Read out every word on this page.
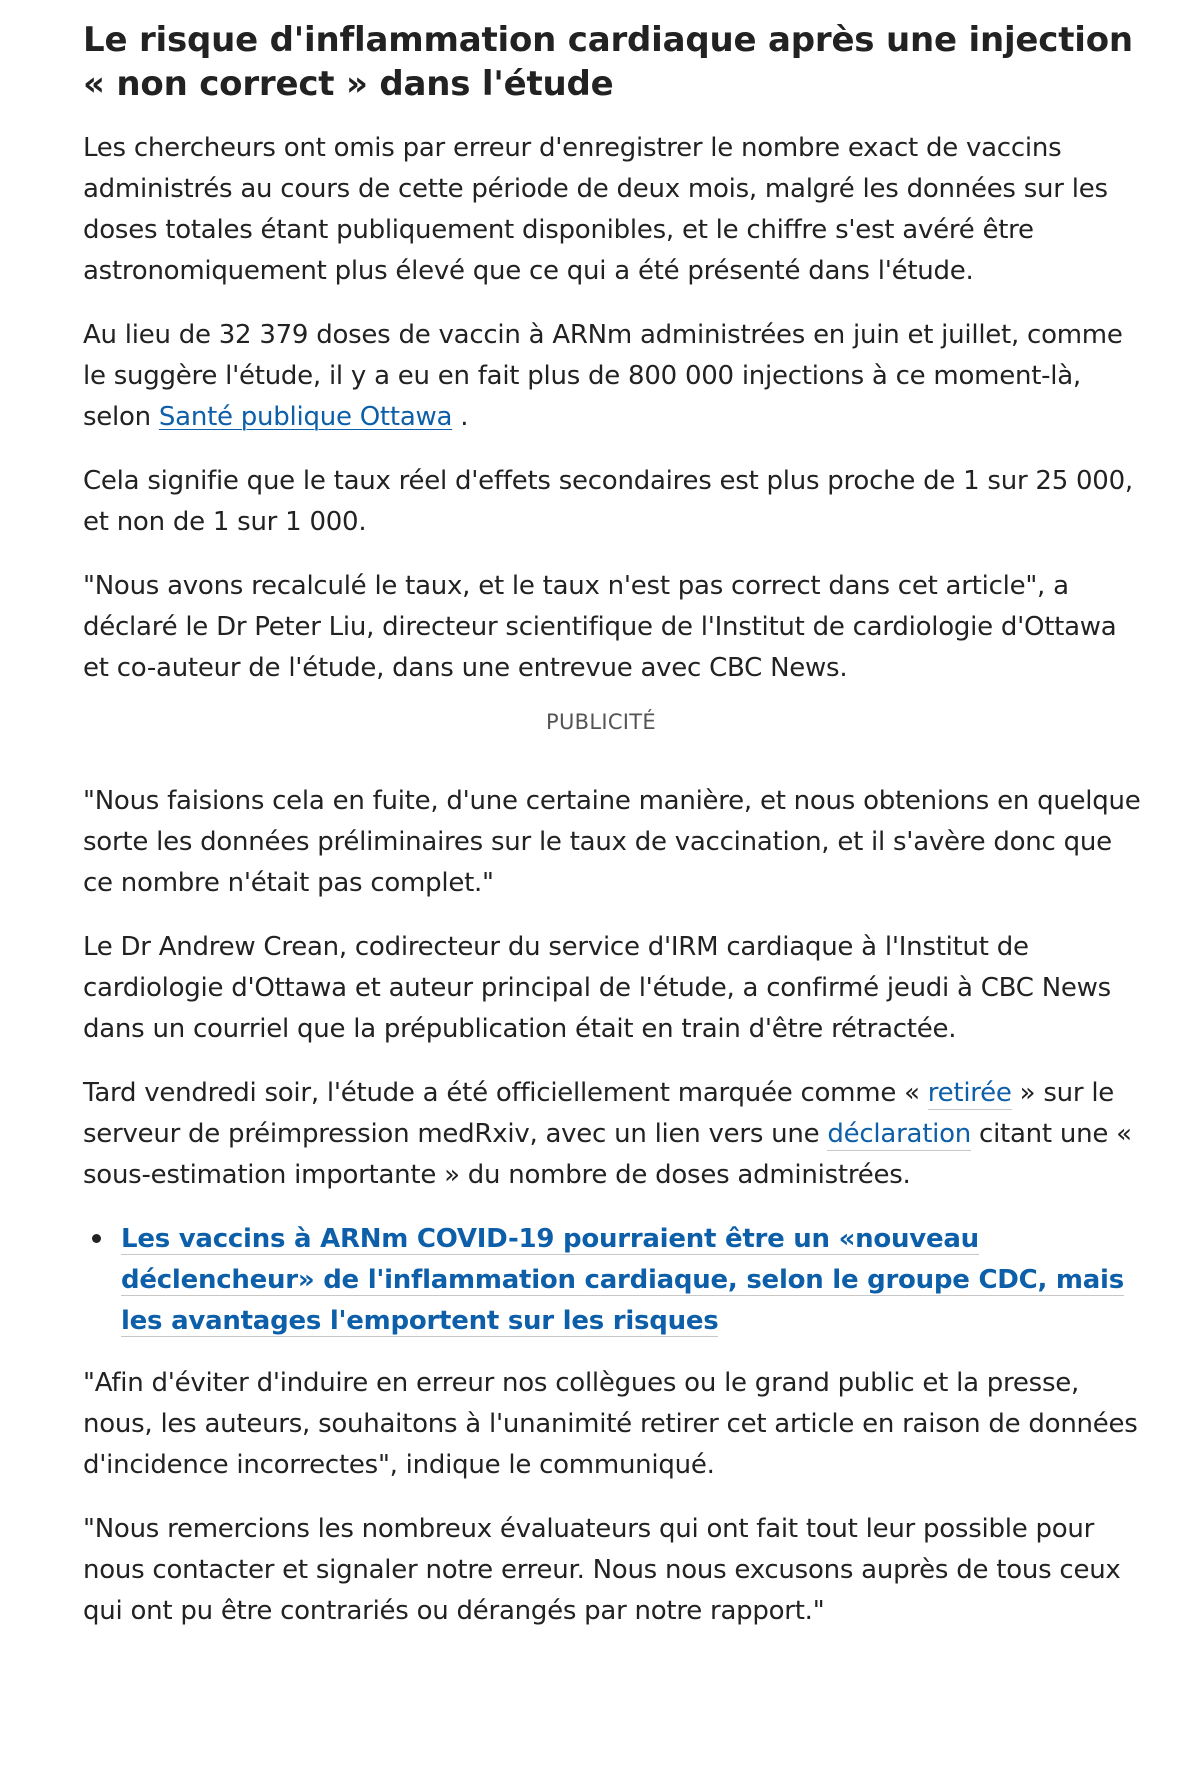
Le risque d'inflammation cardiaque après une injection « non correct » dans l'étude

Les chercheurs ont omis par erreur d'enregistrer le nombre exact de vaccins administrés au cours de cette période de deux mois, malgré les données sur les doses totales étant publiquement disponibles, et le chiffre s'est avéré être astronomiquement plus élevé que ce qui a été présenté dans l'étude.

Au lieu de 32 379 doses de vaccin à ARNm administrées en juin et juillet, comme le suggère l'étude, il y a eu en fait plus de 800 000 injections à ce moment-là, selon Santé publique Ottawa .

Cela signifie que le taux réel d'effets secondaires est plus proche de 1 sur 25 000, et non de 1 sur 1 000.

"Nous avons recalculé le taux, et le taux n'est pas correct dans cet article", a déclaré le Dr Peter Liu, directeur scientifique de l'Institut de cardiologie d'Ottawa et co-auteur de l'étude, dans une entrevue avec CBC News.

PUBLICITÉ

"Nous faisions cela en fuite, d'une certaine manière, et nous obtenions en quelque sorte les données préliminaires sur le taux de vaccination, et il s'avère donc que ce nombre n'était pas complet."

Le Dr Andrew Crean, codirecteur du service d'IRM cardiaque à l'Institut de cardiologie d'Ottawa et auteur principal de l'étude, a confirmé jeudi à CBC News dans un courriel que la prépublication était en train d'être rétractée.

Tard vendredi soir, l'étude a été officiellement marquée comme « retirée » sur le serveur de préimpression medRxiv, avec un lien vers une déclaration citant une « sous-estimation importante » du nombre de doses administrées.

Les vaccins à ARNm COVID-19 pourraient être un «nouveau déclencheur» de l'inflammation cardiaque, selon le groupe CDC, mais les avantages l'emportent sur les risques

"Afin d'éviter d'induire en erreur nos collègues ou le grand public et la presse, nous, les auteurs, souhaitons à l'unanimité retirer cet article en raison de données d'incidence incorrectes", indique le communiqué.

"Nous remercions les nombreux évaluateurs qui ont fait tout leur possible pour nous contacter et signaler notre erreur. Nous nous excusons auprès de tous ceux qui ont pu être contrariés ou dérangés par notre rapport."
